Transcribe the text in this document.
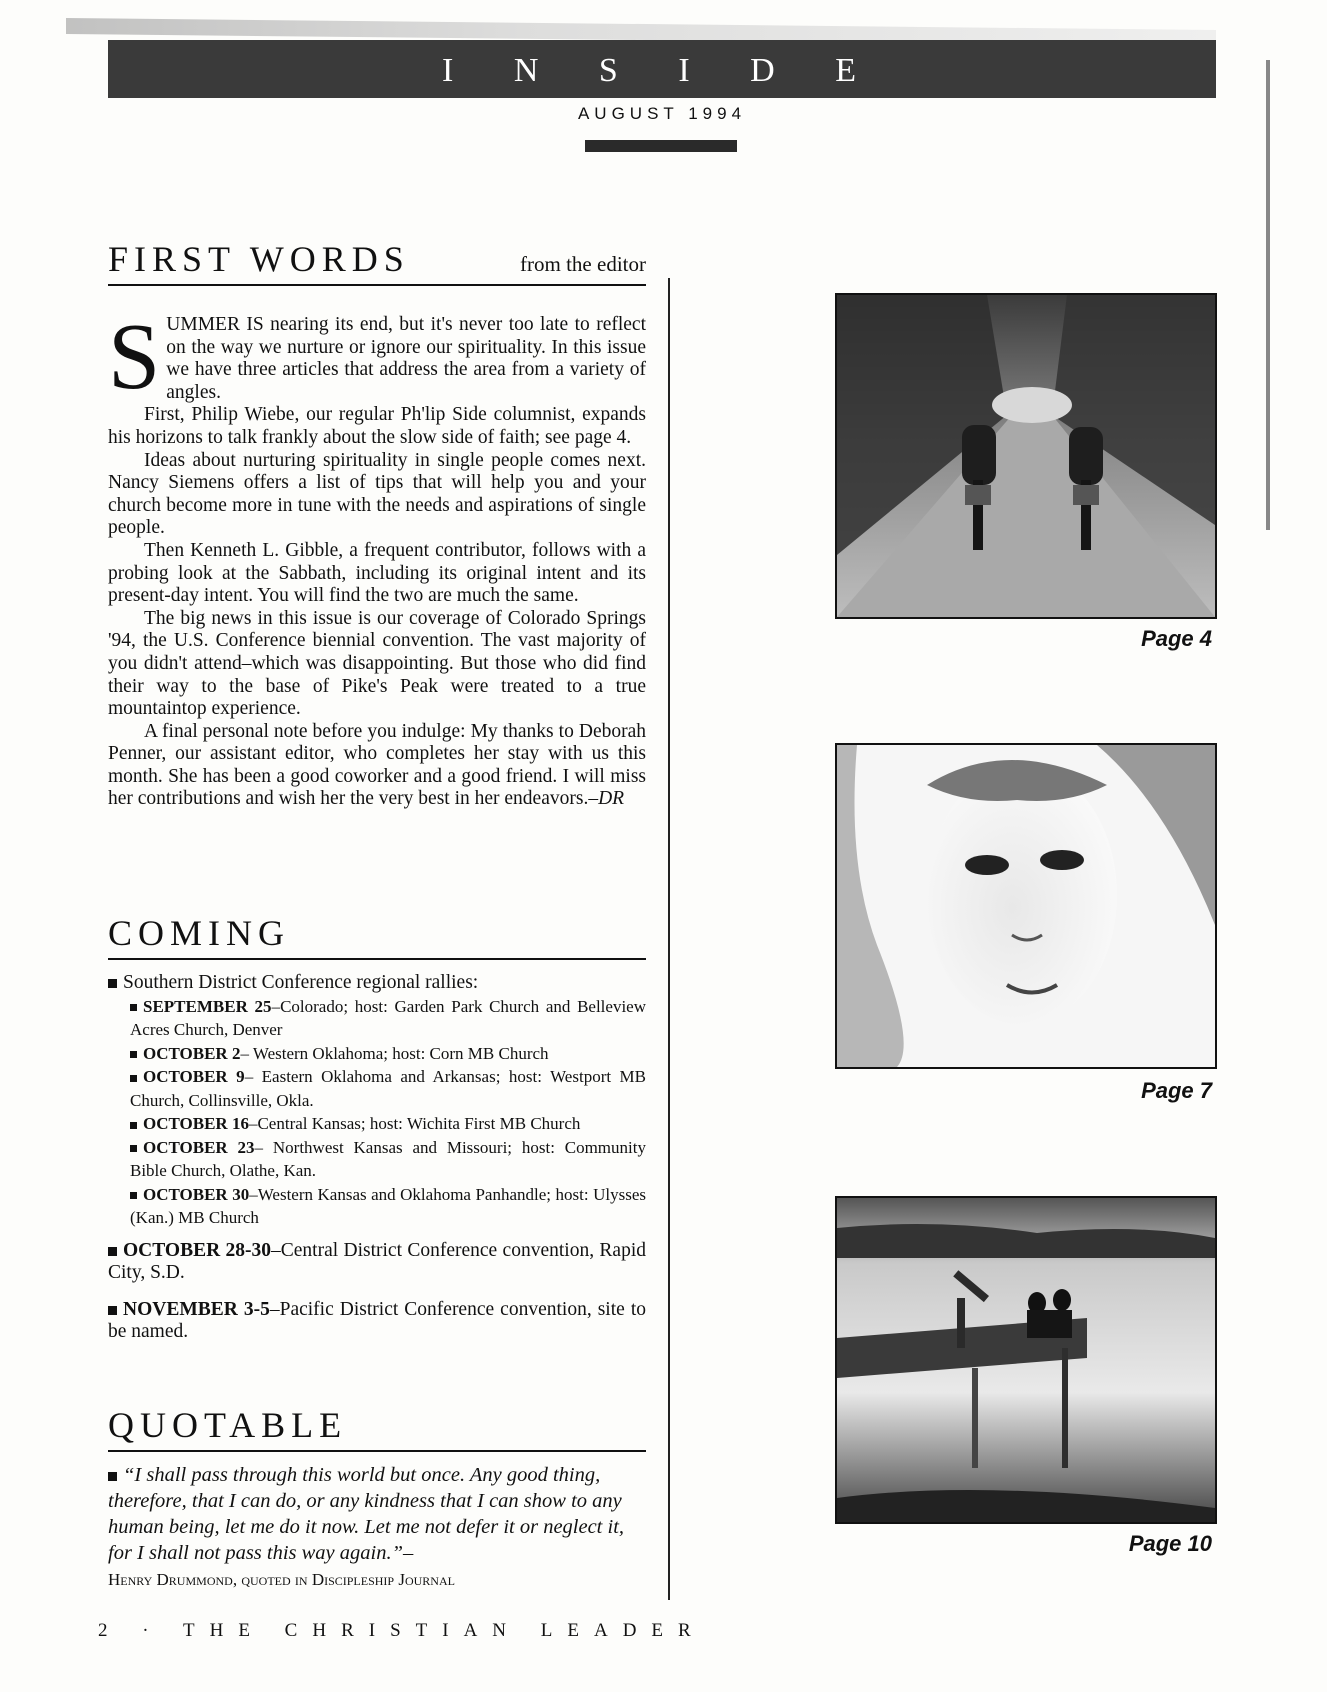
I N S I D E
AUGUST 1994
FIRST WORDS	from the editor

SUMMER IS nearing its end, but it's never too late to reflect on the way we nurture or ignore our spirituality. In this issue we have three articles that address the area from a variety of angles.

First, Philip Wiebe, our regular Ph'lip Side columnist, expands his horizons to talk frankly about the slow side of faith; see page 4.

Ideas about nurturing spirituality in single people comes next. Nancy Siemens offers a list of tips that will help you and your church become more in tune with the needs and aspirations of single people.

Then Kenneth L. Gibble, a frequent contributor, follows with a probing look at the Sabbath, including its original intent and its present-day intent. You will find the two are much the same.

The big news in this issue is our coverage of Colorado Springs '94, the U.S. Conference biennial convention. The vast majority of you didn't attend–which was disappointing. But those who did find their way to the base of Pike's Peak were treated to a true mountaintop experience.

A final personal note before you indulge: My thanks to Deborah Penner, our assistant editor, who completes her stay with us this month. She has been a good coworker and a good friend. I will miss her contributions and wish her the very best in her endeavors.–DR

COMING
Southern District Conference regional rallies:
SEPTEMBER 25–Colorado; host: Garden Park Church and Belleview Acres Church, Denver
OCTOBER 2– Western Oklahoma; host: Corn MB Church
OCTOBER 9– Eastern Oklahoma and Arkansas; host: Westport MB Church, Collinsville, Okla.
OCTOBER 16–Central Kansas; host: Wichita First MB Church
OCTOBER 23– Northwest Kansas and Missouri; host: Community Bible Church, Olathe, Kan.
OCTOBER 30–Western Kansas and Oklahoma Panhandle; host: Ulysses (Kan.) MB Church
OCTOBER 28-30–Central District Conference convention, Rapid City, S.D.
NOVEMBER 3-5–Pacific District Conference convention, site to be named.
QUOTABLE
“I shall pass through this world but once. Any good thing, therefore, that I can do, or any kindness that I can show to any human being, let me do it now. Let me not defer it or neglect it, for I shall not pass this way again.”–
Henry Drummond, quoted in Discipleship Journal
Page 4
Page 7
Page 10
2 · THE CHRISTIAN LEADER
